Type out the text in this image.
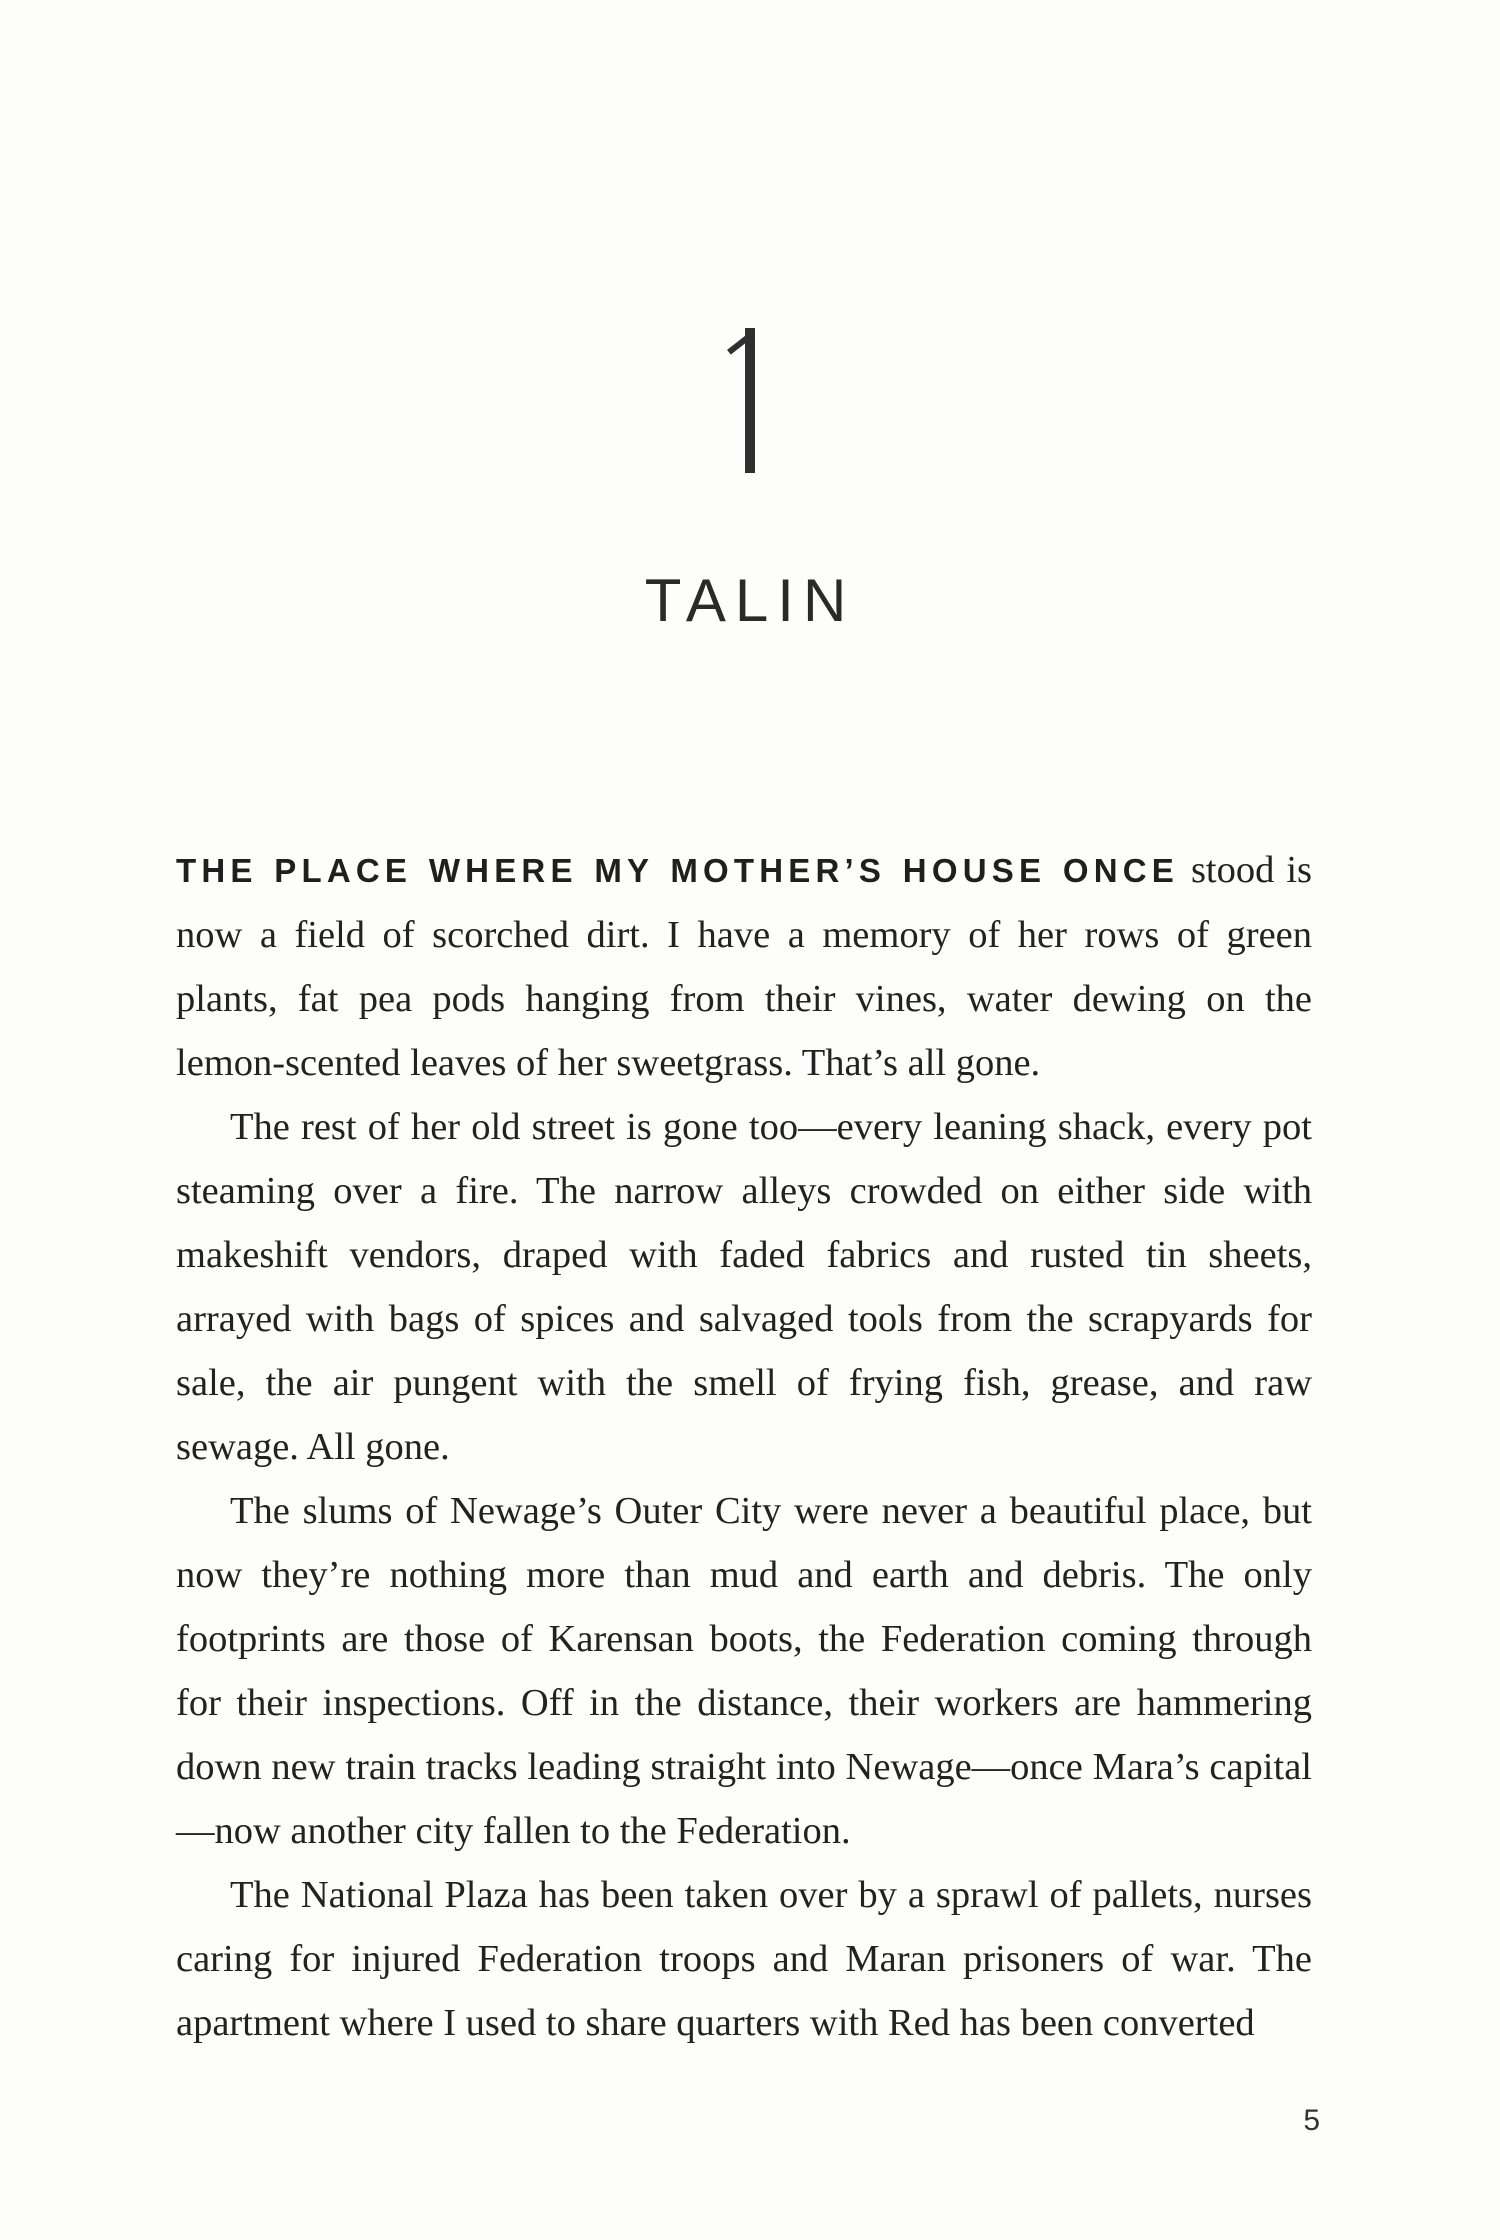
TALIN

THE PLACE WHERE MY MOTHER’S HOUSE ONCE stood is now a field of scorched dirt. I have a memory of her rows of green plants, fat pea pods hanging from their vines, water dewing on the lemon-scented leaves of her sweetgrass. That’s all gone.

The rest of her old street is gone too—every leaning shack, every pot steaming over a fire. The narrow alleys crowded on either side with makeshift vendors, draped with faded fabrics and rusted tin sheets, arrayed with bags of spices and salvaged tools from the scrapyards for sale, the air pungent with the smell of frying fish, grease, and raw sewage. All gone.

The slums of Newage’s Outer City were never a beautiful place, but now they’re nothing more than mud and earth and debris. The only footprints are those of Karensan boots, the Federation coming through for their inspections. Off in the distance, their workers are hammering down new train tracks leading straight into Newage—once Mara’s capital—now another city fallen to the Federation.

The National Plaza has been taken over by a sprawl of pallets, nurses caring for injured Federation troops and Maran prisoners of war. The apartment where I used to share quarters with Red has been converted

5
